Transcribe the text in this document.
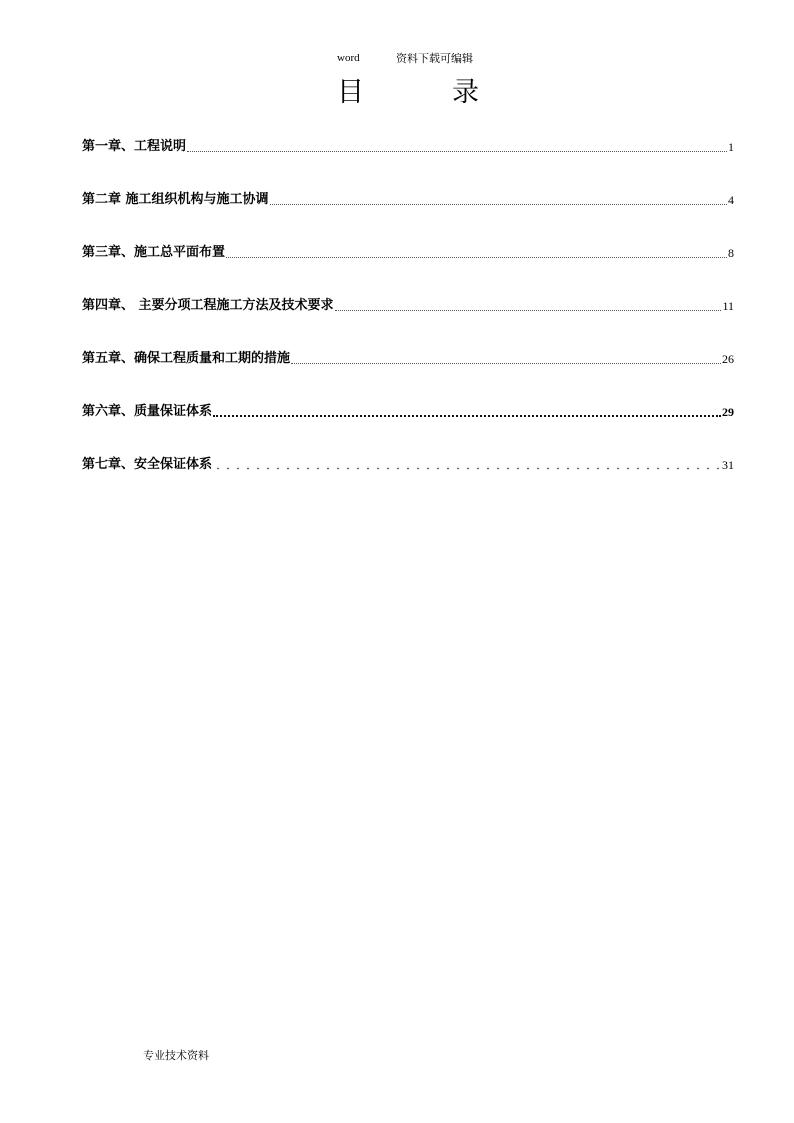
word	资料下载可编辑
目	录
第一章、工程说明	1
第二章 施工组织机构与施工协调	4
第三章、施工总平面布置	8
第四章、 主要分项工程施工方法及技术要求	11
第五章、确保工程质量和工期的措施	26
第六章、质量保证体系	29
第七章、安全保证体系	31
专业技术资料
